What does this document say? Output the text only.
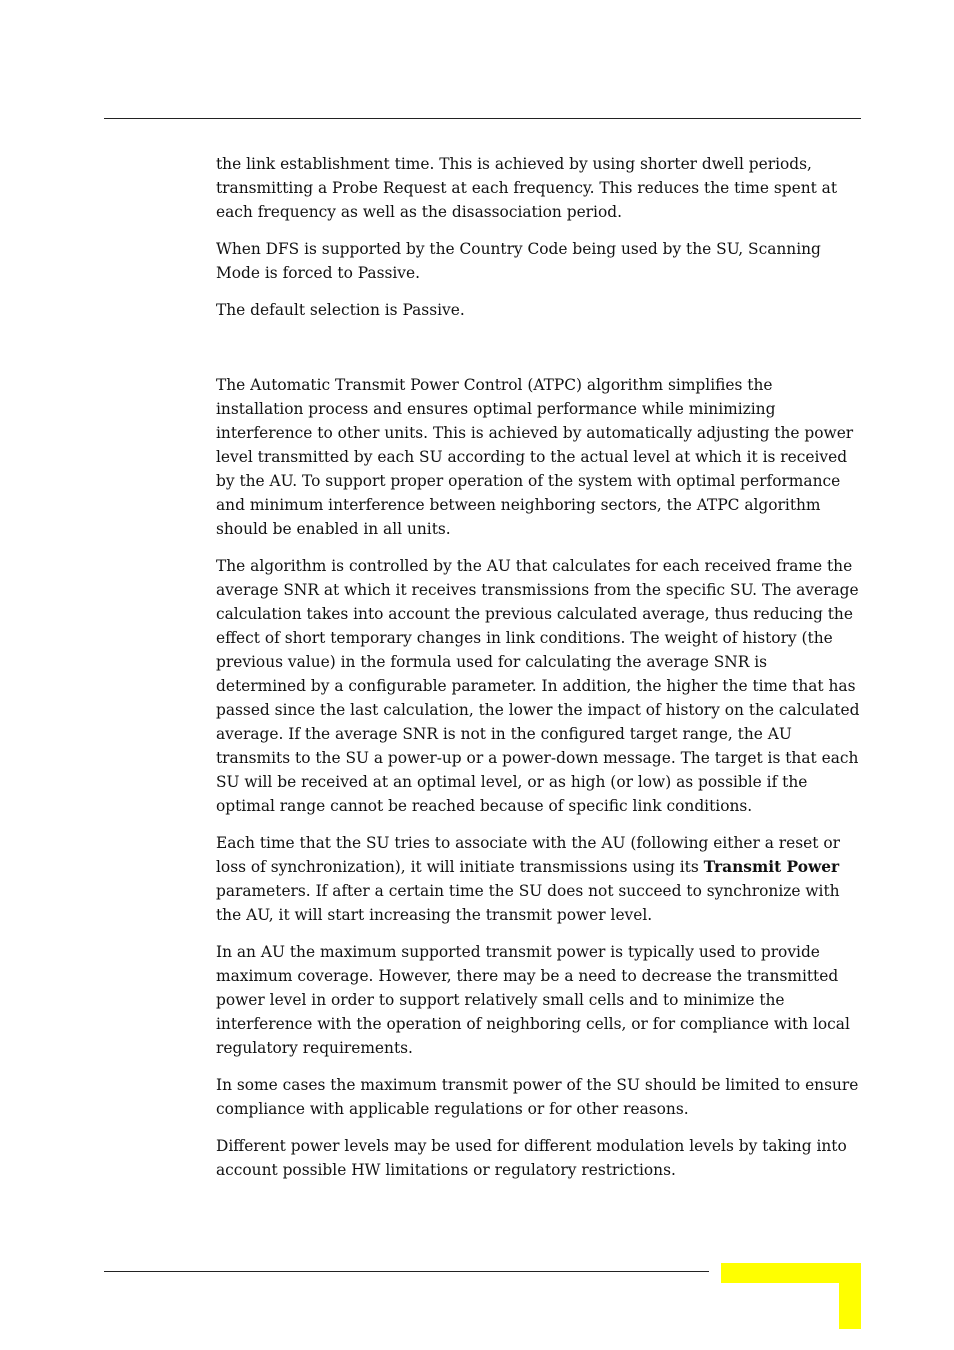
the link establishment time. This is achieved by using shorter dwell periods, transmitting a Probe Request at each frequency. This reduces the time spent at each frequency as well as the disassociation period.

When DFS is supported by the Country Code being used by the SU, Scanning Mode is forced to Passive.

The default selection is Passive.

The Automatic Transmit Power Control (ATPC) algorithm simplifies the installation process and ensures optimal performance while minimizing interference to other units. This is achieved by automatically adjusting the power level transmitted by each SU according to the actual level at which it is received by the AU. To support proper operation of the system with optimal performance and minimum interference between neighboring sectors, the ATPC algorithm should be enabled in all units.

The algorithm is controlled by the AU that calculates for each received frame the average SNR at which it receives transmissions from the specific SU. The average calculation takes into account the previous calculated average, thus reducing the effect of short temporary changes in link conditions. The weight of history (the previous value) in the formula used for calculating the average SNR is determined by a configurable parameter. In addition, the higher the time that has passed since the last calculation, the lower the impact of history on the calculated average. If the average SNR is not in the configured target range, the AU transmits to the SU a power-up or a power-down message. The target is that each SU will be received at an optimal level, or as high (or low) as possible if the optimal range cannot be reached because of specific link conditions.

Each time that the SU tries to associate with the AU (following either a reset or loss of synchronization), it will initiate transmissions using its Transmit Power parameters. If after a certain time the SU does not succeed to synchronize with the AU, it will start increasing the transmit power level.

In an AU the maximum supported transmit power is typically used to provide maximum coverage. However, there may be a need to decrease the transmitted power level in order to support relatively small cells and to minimize the interference with the operation of neighboring cells, or for compliance with local regulatory requirements.

In some cases the maximum transmit power of the SU should be limited to ensure compliance with applicable regulations or for other reasons.

Different power levels may be used for different modulation levels by taking into account possible HW limitations or regulatory restrictions.
